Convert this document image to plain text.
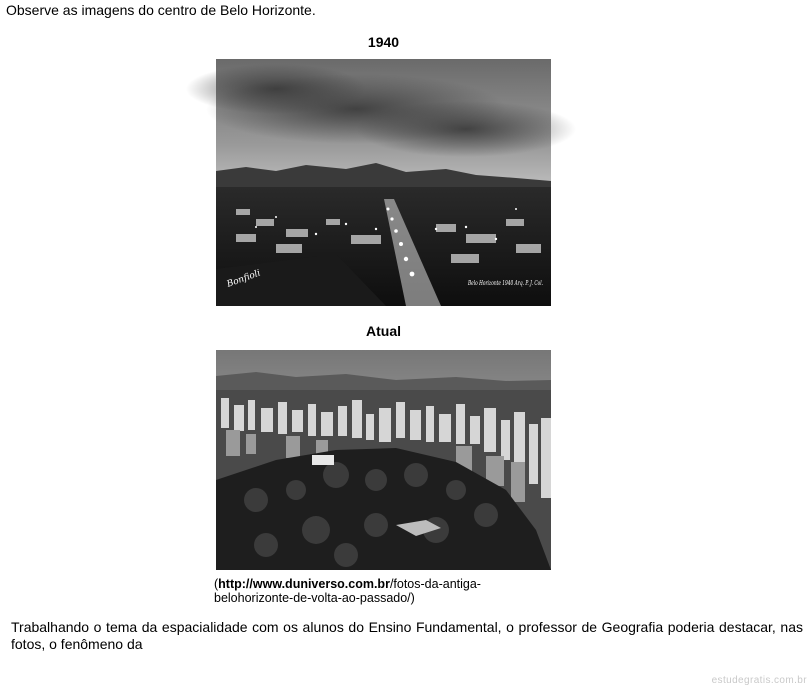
Observe as imagens do centro de Belo Horizonte.
1940
Bonfioli	Belo Horizonte 1940 Arq. P. J. Col.
Atual
(http://www.duniverso.com.br/fotos-da-antiga-belohorizonte-de-volta-ao-passado/)
Trabalhando o tema da espacialidade com os alunos do Ensino Fundamental, o professor de Geografia poderia destacar, nas fotos, o fenômeno da
estudegratis.com.br
